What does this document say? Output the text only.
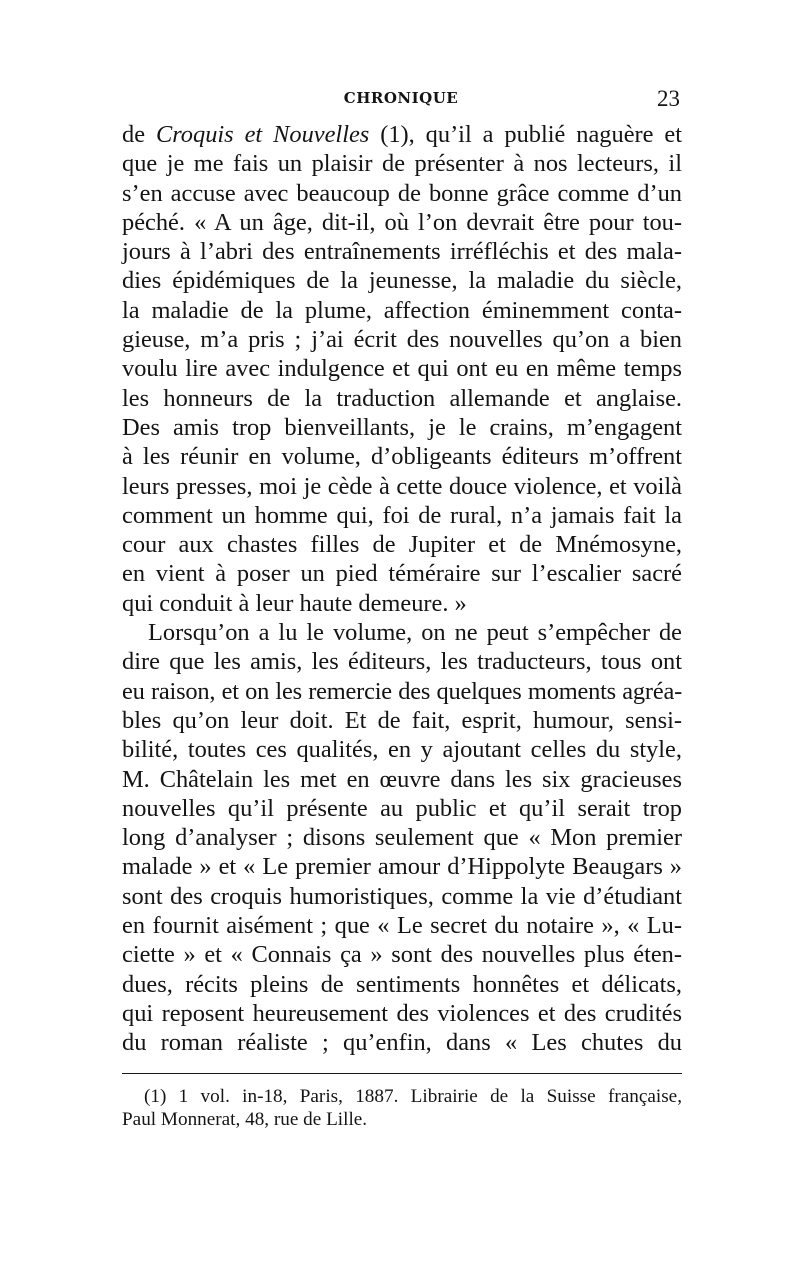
CHRONIQUE	23
de Croquis et Nouvelles (1), qu’il a publié naguère et
que je me fais un plaisir de présenter à nos lecteurs, il
s’en accuse avec beaucoup de bonne grâce comme d’un
péché. « A un âge, dit-il, où l’on devrait être pour tou-
jours à l’abri des entraînements irréfléchis et des mala-
dies épidémiques de la jeunesse, la maladie du siècle,
la maladie de la plume, affection éminemment conta-
gieuse, m’a pris ; j’ai écrit des nouvelles qu’on a bien
voulu lire avec indulgence et qui ont eu en même temps
les honneurs de la traduction allemande et anglaise.
Des amis trop bienveillants, je le crains, m’engagent
à les réunir en volume, d’obligeants éditeurs m’offrent
leurs presses, moi je cède à cette douce violence, et voilà
comment un homme qui, foi de rural, n’a jamais fait la
cour aux chastes filles de Jupiter et de Mnémosyne,
en vient à poser un pied téméraire sur l’escalier sacré
qui conduit à leur haute demeure. »
Lorsqu’on a lu le volume, on ne peut s’empêcher de
dire que les amis, les éditeurs, les traducteurs, tous ont
eu raison, et on les remercie des quelques moments agréa-
bles qu’on leur doit. Et de fait, esprit, humour, sensi-
bilité, toutes ces qualités, en y ajoutant celles du style,
M. Châtelain les met en œuvre dans les six gracieuses
nouvelles qu’il présente au public et qu’il serait trop
long d’analyser ; disons seulement que « Mon premier
malade » et « Le premier amour d’Hippolyte Beaugars »
sont des croquis humoristiques, comme la vie d’étudiant
en fournit aisément ; que « Le secret du notaire », « Lu-
ciette » et « Connais ça » sont des nouvelles plus éten-
dues, récits pleins de sentiments honnêtes et délicats,
qui reposent heureusement des violences et des crudités
du roman réaliste ; qu’enfin, dans « Les chutes du
(1) 1 vol. in-18, Paris, 1887. Librairie de la Suisse française,
Paul Monnerat, 48, rue de Lille.
